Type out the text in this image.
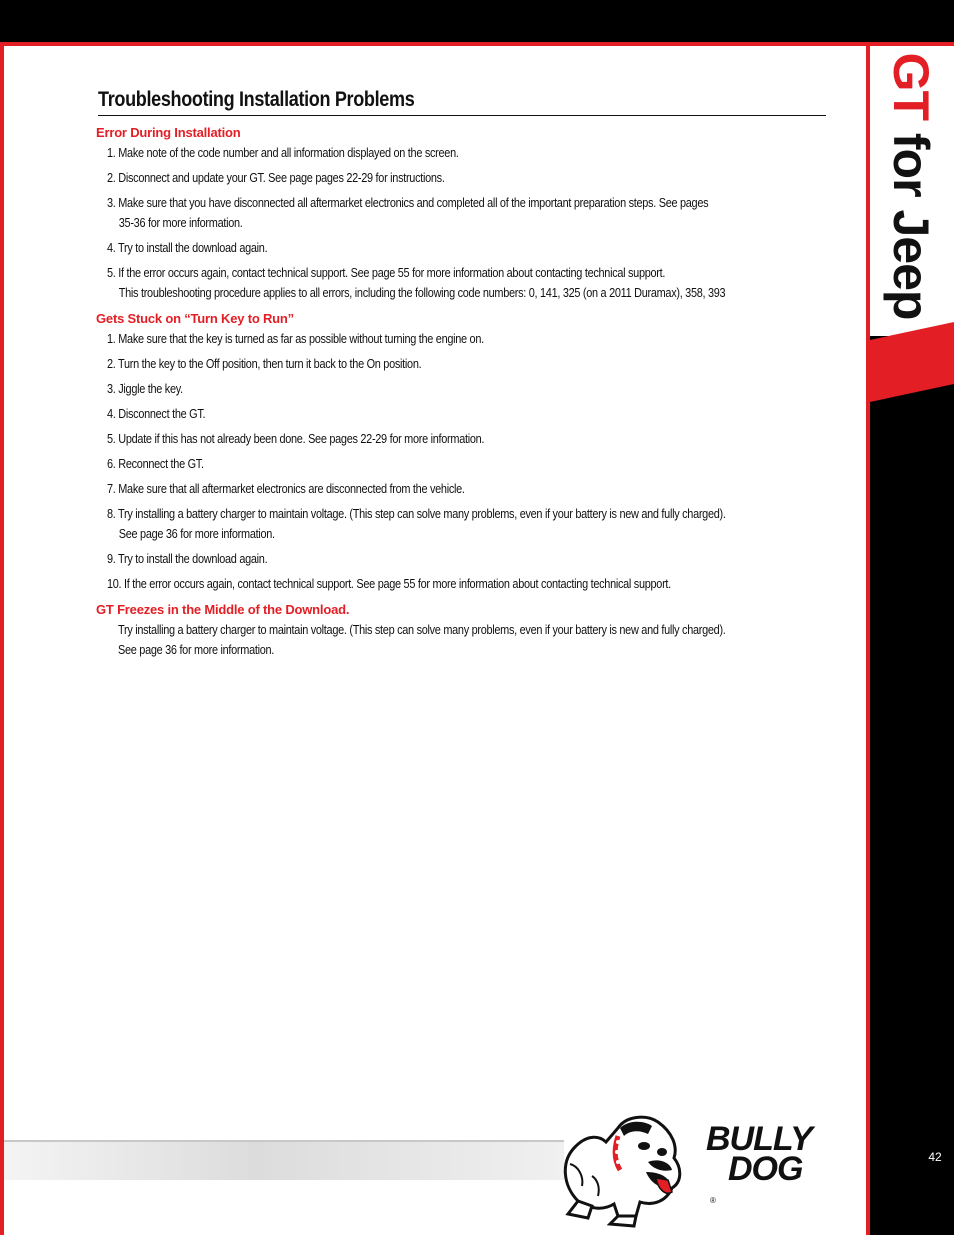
GT for Jeep
42
Troubleshooting Installation Problems
Error During Installation
1. Make note of the code number and all information displayed on the screen.
2. Disconnect and update your GT. See page pages 22-29 for instructions.
3. Make sure that you have disconnected all aftermarket electronics and completed all of the important preparation steps. See pages
35-36 for more information.
4. Try to install the download again.
5. If the error occurs again, contact technical support. See page 55 for more information about contacting technical support.
This troubleshooting procedure applies to all errors, including the following code numbers: 0, 141, 325 (on a 2011 Duramax), 358, 393
Gets Stuck on “Turn Key to Run”
1. Make sure that the key is turned as far as possible without turning the engine on.
2. Turn the key to the Off position, then turn it back to the On position.
3. Jiggle the key.
4. Disconnect the GT.
5. Update if this has not already been done. See pages 22-29 for more information.
6. Reconnect the GT.
7. Make sure that all aftermarket electronics are disconnected from the vehicle.
8. Try installing a battery charger to maintain voltage. (This step can solve many problems, even if your battery is new and fully charged).
See page 36 for more information.
9. Try to install the download again.
10. If the error occurs again, contact technical support. See page 55 for more information about contacting technical support.
GT Freezes in the Middle of the Download.
Try installing a battery charger to maintain voltage. (This step can solve many problems, even if your battery is new and fully charged).
See page 36 for more information.
BULLY
DOG
®
